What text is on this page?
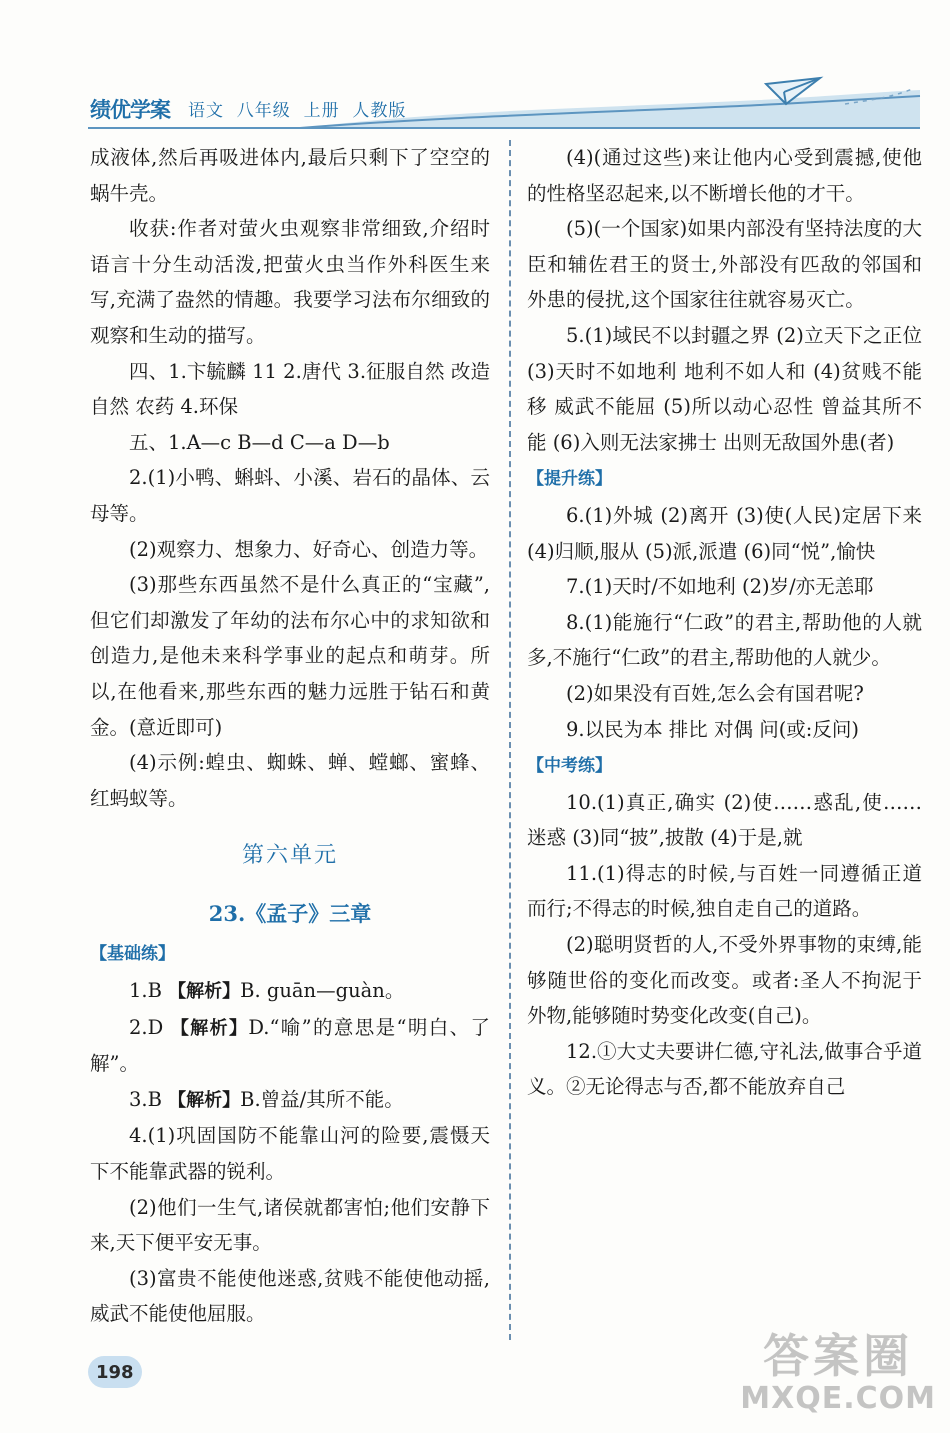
绩优学案 语文  八年级  上册  人教版

成液体,然后再吸进体内,最后只剩下了空空的蜗牛壳。

收获:作者对萤火虫观察非常细致,介绍时语言十分生动活泼,把萤火虫当作外科医生来写,充满了盎然的情趣。我要学习法布尔细致的观察和生动的描写。

四、1.卞毓麟 11 2.唐代 3.征服自然 改造自然 农药 4.环保

五、1.A—c B—d C—a D—b

2.(1)小鸭、蝌蚪、小溪、岩石的晶体、云母等。

(2)观察力、想象力、好奇心、创造力等。

(3)那些东西虽然不是什么真正的“宝藏”,但它们却激发了年幼的法布尔心中的求知欲和创造力,是他未来科学事业的起点和萌芽。所以,在他看来,那些东西的魅力远胜于钻石和黄金。(意近即可)

(4)示例:蝗虫、蜘蛛、蝉、螳螂、蜜蜂、红蚂蚁等。

第六单元
23.《孟子》三章

【基础练】

1.B 【解析】B. guān—guàn。

2.D 【解析】D.“喻”的意思是“明白、了解”。

3.B 【解析】B.曾益/其所不能。

4.(1)巩固国防不能靠山河的险要,震慑天下不能靠武器的锐利。

(2)他们一生气,诸侯就都害怕;他们安静下来,天下便平安无事。

(3)富贵不能使他迷惑,贫贱不能使他动摇,威武不能使他屈服。

(4)(通过这些)来让他内心受到震撼,使他的性格坚忍起来,以不断增长他的才干。

(5)(一个国家)如果内部没有坚持法度的大臣和辅佐君王的贤士,外部没有匹敌的邻国和外患的侵扰,这个国家往往就容易灭亡。

5.(1)域民不以封疆之界 (2)立天下之正位 (3)天时不如地利 地利不如人和 (4)贫贱不能移 威武不能屈 (5)所以动心忍性 曾益其所不能 (6)入则无法家拂士 出则无敌国外患(者)

【提升练】

6.(1)外城 (2)离开 (3)使(人民)定居下来 (4)归顺,服从 (5)派,派遣 (6)同“悦”,愉快

7.(1)天时/不如地利 (2)岁/亦无恙耶

8.(1)能施行“仁政”的君主,帮助他的人就多,不施行“仁政”的君主,帮助他的人就少。

(2)如果没有百姓,怎么会有国君呢?

9.以民为本 排比 对偶 问(或:反问)

【中考练】

10.(1)真正,确实 (2)使……惑乱,使……迷惑 (3)同“披”,披散 (4)于是,就

11.(1)得志的时候,与百姓一同遵循正道而行;不得志的时候,独自走自己的道路。

(2)聪明贤哲的人,不受外界事物的束缚,能够随世俗的变化而改变。或者:圣人不拘泥于外物,能够随时势变化改变(自己)。

12.①大丈夫要讲仁德,守礼法,做事合乎道义。②无论得志与否,都不能放弃自己

198	答案圈
MXQE.COM
